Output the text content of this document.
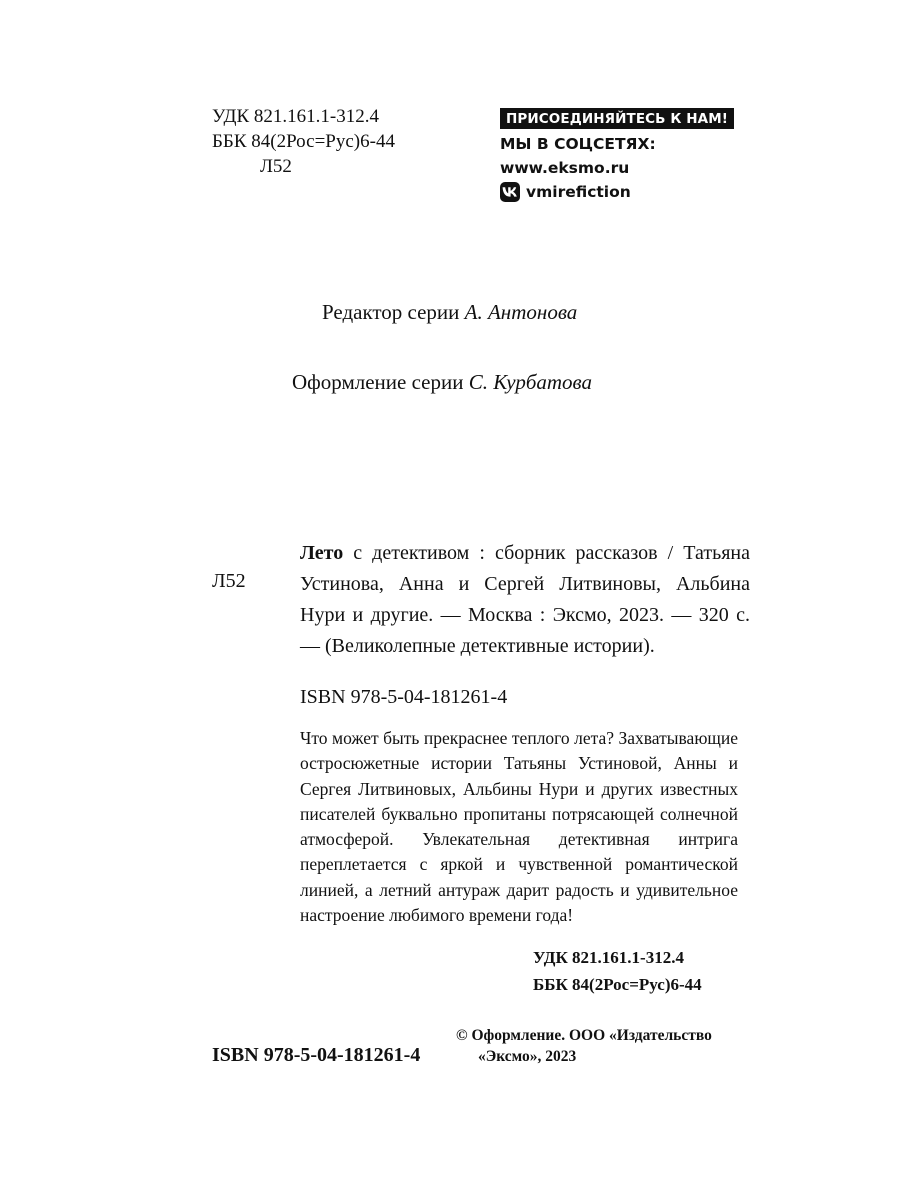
УДК 821.161.1-312.4
ББК 84(2Рос=Рус)6-44
Л52
ПРИСОЕДИНЯЙТЕСЬ К НАМ!
МЫ В СОЦСЕТЯХ:
www.eksmo.ru
vmirefiction
Редактор серии А. Антонова
Оформление серии С. Курбатова
Л52
Лето с детективом : сборник рассказов / Татьяна Устинова, Анна и Сергей Литвиновы, Альбина Нури и другие. — Москва : Эксмо, 2023. — 320 с. — (Великолепные детективные истории).
ISBN 978-5-04-181261-4
Что может быть прекраснее теплого лета? Захватывающие остросюжетные истории Татьяны Устиновой, Анны и Сергея Литвиновых, Альбины Нури и других известных писателей буквально пропитаны потрясающей солнечной атмосферой. Увлекательная детективная интрига переплетается с яркой и чувственной романтической линией, а летний антураж дарит радость и удивительное настроение любимого времени года!
УДК 821.161.1-312.4
ББК 84(2Рос=Рус)6-44
ISBN 978-5-04-181261-4
© Оформление. ООО «Издательство
«Эксмо», 2023
